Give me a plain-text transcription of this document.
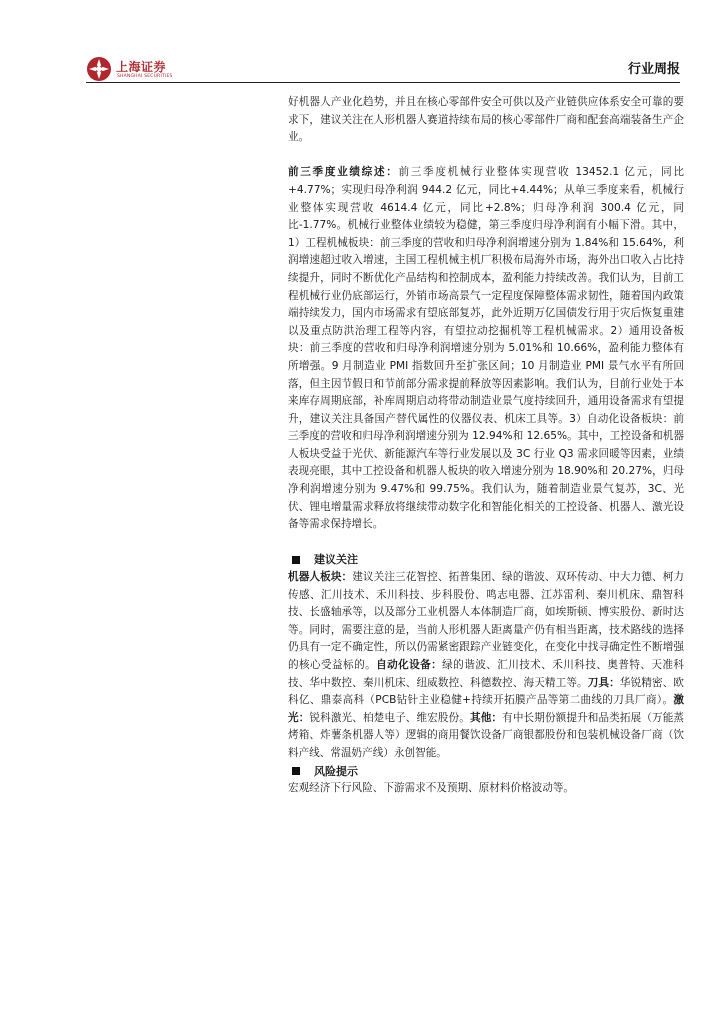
上海证券
SHANGHAI SECURITIES	行业周报

好机器人产业化趋势，并且在核心零部件安全可供以及产业链供应体系安全可靠的要求下，建议关注在人形机器人赛道持续布局的核心零部件厂商和配套高端装备生产企业。

前三季度业绩综述：前三季度机械行业整体实现营收 13452.1 亿元，同比+4.77%；实现归母净利润 944.2 亿元，同比+4.44%；从单三季度来看，机械行业整体实现营收 4614.4 亿元，同比+2.8%；归母净利润 300.4 亿元，同比-1.77%。机械行业整体业绩较为稳健，第三季度归母净利润有小幅下滑。其中，1）工程机械板块：前三季度的营收和归母净利润增速分别为 1.84%和 15.64%，利润增速超过收入增速，主国工程机械主机厂积极布局海外市场，海外出口收入占比持续提升，同时不断优化产品结构和控制成本，盈利能力持续改善。我们认为，目前工程机械行业仍底部运行，外销市场高景气一定程度保障整体需求韧性，随着国内政策端持续发力，国内市场需求有望底部复苏，此外近期万亿国债发行用于灾后恢复重建以及重点防洪治理工程等内容，有望拉动挖掘机等工程机械需求。2）通用设备板块：前三季度的营收和归母净利润增速分别为 5.01%和 10.66%，盈利能力整体有所增强。9 月制造业 PMI 指数回升至扩张区间；10 月制造业 PMI 景气水平有所回落，但主因节假日和节前部分需求提前释放等因素影响。我们认为，目前行业处于本来库存周期底部，补库周期启动将带动制造业景气度持续回升，通用设备需求有望提升，建议关注具备国产替代属性的仪器仪表、机床工具等。3）自动化设备板块：前三季度的营收和归母净利润增速分别为 12.94%和 12.65%。其中，工控设备和机器人板块受益于光伏、新能源汽车等行业发展以及 3C 行业 Q3 需求回暖等因素，业绩表现亮眼，其中工控设备和机器人板块的收入增速分别为 18.90%和 20.27%，归母净利润增速分别为 9.47%和 99.75%。我们认为，随着制造业景气复苏，3C、光伏、锂电增量需求释放将继续带动数字化和智能化相关的工控设备、机器人、激光设备等需求保持增长。

建议关注

机器人板块：建议关注三花智控、拓普集团、绿的谐波、双环传动、中大力德、柯力传感、汇川技术、禾川科技、步科股份、鸣志电器、江苏雷利、秦川机床、鼎智科技、长盛轴承等，以及部分工业机器人本体制造厂商，如埃斯顿、博实股份、新时达等。同时，需要注意的是，当前人形机器人距离量产仍有相当距离，技术路线的选择仍具有一定不确定性，所以仍需紧密跟踪产业链变化，在变化中找寻确定性不断增强的核心受益标的。自动化设备：绿的谐波、汇川技术、禾川科技、奥普特、天准科技、华中数控、秦川机床、纽威数控、科德数控、海天精工等。刀具：华锐精密、欧科亿、鼎泰高科（PCB钻针主业稳健+持续开拓膜产品等第二曲线的刀具厂商）。激光：锐科激光、柏楚电子、维宏股份。其他：有中长期份额提升和品类拓展（万能蒸烤箱、炸薯条机器人等）逻辑的商用餐饮设备厂商银都股份和包装机械设备厂商（饮料产线、常温奶产线）永创智能。

风险提示

宏观经济下行风险、下游需求不及预期、原材料价格波动等。
